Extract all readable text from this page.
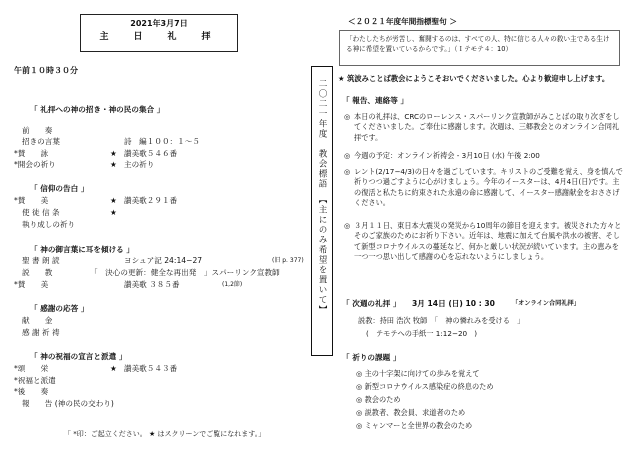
2021年3月7日
主　日　礼　拝
午前１０時３０分
「 礼拝への神の招き・神の民の集合 」
前　　奏
招きの言葉	詩　編１００：１～５
*賛　　詠	★ 讃美歌５４６番
*開会の祈り	★ 主の祈り
「 信仰の告白 」
*賛　　美	★ 讃美歌２９１番
使 徒 信 条	★
執り成しの祈り
「 神の御言葉に耳を傾ける 」
聖 書 朗 読	ヨシュア記 24:14−27	(旧 p. 377)
説　　教	「　決心の更新：健全な再出発　」スパーリンク宣教師
*賛　　美	讃美歌 ３８５番	(1,2節)
「 感謝の応答 」
献　　金
感 謝 祈 祷
「 神の祝福の宣言と派遣 」
*頌　　栄	★ 讃美歌５４３番
*祝福と派遣
*後　　奏
報　　告 (神の民の交わり)
「 *印：ご起立ください。 ★ はスクリーンでご覧になれます。」
二〇二一年度　教会標語　【主にのみ希望を置いて】
＜２０２１年度年間指標聖句 ＞
「わたしたちが労苦し、奮闘するのは、すべての人、特に信じる人々の救い主である生ける神に希望を置いているからです。」（Ｉテモテ４：10）
★ 筑波みことば教会にようこそおいでくださいました。心より歓迎申し上げます。
「 報告、連絡等 」
◎ 本日の礼拝は、CRCのローレンス・スパーリンク宣教師がみことばの取り次ぎをしてくださいました。ご奉仕に感謝します。次週は、三郷教会とのオンライン合同礼拝です。
◎ 今週の予定：オンライン祈祷会 - 3月10日 (水) 午後 2:00
◎ レント(2/17−4/3)の日々を過ごしています。キリストのご受難を覚え、身を慎んで祈りつつ過ごすように心がけましょう。今年のイースターは、4月4日(日)です。主の復活と私たちに約束された永遠の命に感謝して、イースター感謝献金をおささげください。
◎ ３月１１日、東日本大震災の発災から10周年の節目を迎えます。被災された方々とそのご家族のためにお祈り下さい。近年は、地震に加えて台風や洪水の被害、そして新型コロナウイルスの蔓延など、何かと厳しい状況が続いています。主の恵みを一つ一つ思い出して感謝の心を忘れないようにしましょう。
「 次週の礼拝 」 3月 14日 (日) 10 : 30	「オンライン合同礼拝」
説教：持田 浩次 牧師　「　神の憐れみを受ける　」
(　テモテへの手紙一 1:12−20　)
「 祈りの課題 」
◎ 主の十字架に向けての歩みを覚えて
◎ 新型コロナウイルス感染症の終息のため
◎ 教会のため
◎ 説教者、教会員、求道者のため
◎ ミャンマーと全世界の教会のため
